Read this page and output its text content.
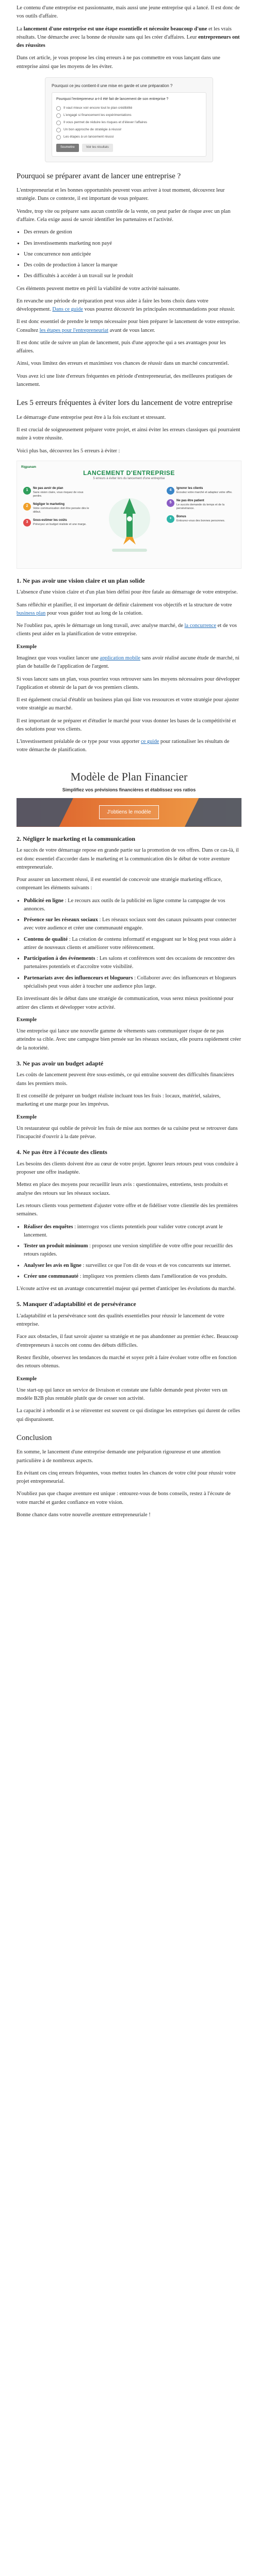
Le contenu d'une entreprise est passionnante, mais aussi une jeune entreprise qui a lancé. Il est donc de vos outils d'affaire.

La lancement d'une entreprise est une étape essentielle et nécessite beaucoup d'une et les vrais résultats. Une démarche avec la bonne de réussite sans qui les créer d'affaires. Leur entrepreneurs ont des réussites

Dans cet article, je vous propose les cinq erreurs à ne pas commettre en vous lançant dans une entreprise ainsi que les moyens de les éviter.

Pourquoi ce jeu contient-il une mise en garde et une préparation ?
Pourquoi l'entrepreneur a-t-il été fait de lancement de son entreprise ?
Il vaut mieux voir encore tout le plan crédibilité
L'engagé si financement les expérimentations
Il vous permet de réduire les risques et d'élever l'affaires
Un bon approche de stratégie à réussir
Les étapes à un lancement réussi
Soumettre	Voir les résultats
Pourquoi se préparer avant de lancer une entreprise ?

L'entrepreneuriat et les bonnes opportunités peuvent vous arriver à tout moment, découvrez leur stratégie. Dans ce contexte, il est important de vous préparer.

Vendre, trop vite ou préparer sans aucun contrôle de la vente, on peut parler de risque avec un plan d'affaire. Cela exige aussi de savoir identifier les partenaires et l'activité.

• Des erreurs de gestion
• Des investissements marketing non payé
• Une concurrence non anticipée
• Des coûts de production à lancer la marque
• Des difficultés à accéder à un travail sur le produit

Ces éléments peuvent mettre en péril la viabilité de votre activité naissante.

En revanche une période de préparation peut vous aider à faire les bons choix dans votre développement. Dans ce guide vous pourrez découvrir les principales recommandations pour réussir.

Il est donc essentiel de prendre le temps nécessaire pour bien préparer le lancement de votre entreprise. Consultez les étapes pour l'entrepreneuriat avant de vous lancer.

Il est donc utile de suivre un plan de lancement, puis d'une approche qui a ses avantages pour les affaires.

Ainsi, vous limitez des erreurs et maximisez vos chances de réussir dans un marché concurrentiel.

Vous avez ici une liste d'erreurs fréquentes en période d'entrepreneuriat, des meilleures pratiques de lancement.

Les 5 erreurs fréquentes à éviter lors du lancement de votre entreprise

Le démarrage d'une entreprise peut être à la fois excitant et stressant.

Il est crucial de soigneusement préparer votre projet, et ainsi éviter les erreurs classiques qui pourraient nuire à votre réussite.

Voici plus bas, découvrez les 5 erreurs à éviter :

Rigpanam
LANCEMENT D'ENTREPRISE
5 erreurs à éviter lors du lancement d'une entreprise
1
Ne pas avoir de plan
Sans vision claire, vous risquez de vous perdre.
2
Négliger le marketing
Votre communication doit être pensée dès le début.
3
Sous-estimer les coûts
Prévoyez un budget réaliste et une marge.
4
Ignorer les clients
Écoutez votre marché et adaptez votre offre.
5
Ne pas être patient
Le succès demande du temps et de la persévérance.
+
Bonus
Entourez-vous des bonnes personnes.
1. Ne pas avoir une vision claire et un plan solide

L'absence d'une vision claire et d'un plan bien défini pour être fatale au démarrage de votre entreprise.

Sans réfléchir et planifier, il est important de définir clairement vos objectifs et la structure de votre business plan pour vous guider tout au long de la création.

Ne l'oubliez pas, après le démarrage un long travail, avec analyse marché, de la concurrence et de vos clients peut aider en la planification de votre entreprise.

Exemple

Imaginez que vous vouliez lancer une application mobile sans avoir réalisé aucune étude de marché, ni plan de bataille de l'application de l'argent.

Si vous lancez sans un plan, vous pourriez vous retrouver sans les moyens nécessaires pour développer l'application et obtenir de la part de vos premiers clients.

Il est également crucial d'établir un business plan qui liste vos ressources et votre stratégie pour ajuster votre stratégie au marché.

Il est important de se préparer et d'étudier le marché pour vous donner les bases de la compétitivité et des solutions pour vos clients.

L'investissement préalable de ce type pour vous apporter ce guide pour rationaliser les résultats de votre démarche de planification.

Modèle de Plan Financier
Simplifiez vos prévisions financières et établissez vos ratios
J'obtiens le modèle
2. Négliger le marketing et la communication

Le succès de votre démarrage repose en grande partie sur la promotion de vos offres. Dans ce cas-là, il est donc essentiel d'accorder dans le marketing et la communication dès le début de votre aventure entrepreneuriale.

Pour assurer un lancement réussi, il est essentiel de concevoir une stratégie marketing efficace, comprenant les éléments suivants :

• Publicité en ligne : Le recours aux outils de la publicité en ligne comme la campagne de vos annonces.
• Présence sur les réseaux sociaux : Les réseaux sociaux sont des canaux puissants pour connecter avec votre audience et créer une communauté engagée.
• Contenu de qualité : La création de contenu informatif et engageant sur le blog peut vous aider à attirer de nouveaux clients et améliorer votre référencement.
• Participation à des événements : Les salons et conférences sont des occasions de rencontrer des partenaires potentiels et d'accroître votre visibilité.
• Partenariats avec des influenceurs et blogueurs : Collaborer avec des influenceurs et blogueurs spécialisés peut vous aider à toucher une audience plus large.

En investissant dès le début dans une stratégie de communication, vous serez mieux positionné pour attirer des clients et développer votre activité.

Exemple

Une entreprise qui lance une nouvelle gamme de vêtements sans communiquer risque de ne pas atteindre sa cible. Avec une campagne bien pensée sur les réseaux sociaux, elle pourra rapidement créer de la notoriété.

3. Ne pas avoir un budget adapté

Les coûts de lancement peuvent être sous-estimés, ce qui entraîne souvent des difficultés financières dans les premiers mois.

Il est conseillé de préparer un budget réaliste incluant tous les frais : locaux, matériel, salaires, marketing et une marge pour les imprévus.

Exemple

Un restaurateur qui oublie de prévoir les frais de mise aux normes de sa cuisine peut se retrouver dans l'incapacité d'ouvrir à la date prévue.

4. Ne pas être à l'écoute des clients

Les besoins des clients doivent être au cœur de votre projet. Ignorer leurs retours peut vous conduire à proposer une offre inadaptée.

Mettez en place des moyens pour recueillir leurs avis : questionnaires, entretiens, tests produits et analyse des retours sur les réseaux sociaux.

Les retours clients vous permettent d'ajuster votre offre et de fidéliser votre clientèle dès les premières semaines.

• Réaliser des enquêtes : interrogez vos clients potentiels pour valider votre concept avant le lancement.
• Tester un produit minimum : proposez une version simplifiée de votre offre pour recueillir des retours rapides.
• Analyser les avis en ligne : surveillez ce que l'on dit de vous et de vos concurrents sur internet.
• Créer une communauté : impliquez vos premiers clients dans l'amélioration de vos produits.

L'écoute active est un avantage concurrentiel majeur qui permet d'anticiper les évolutions du marché.

5. Manquer d'adaptabilité et de persévérance

L'adaptabilité et la persévérance sont des qualités essentielles pour réussir le lancement de votre entreprise.

Face aux obstacles, il faut savoir ajuster sa stratégie et ne pas abandonner au premier échec. Beaucoup d'entrepreneurs à succès ont connu des débuts difficiles.

Restez flexible, observez les tendances du marché et soyez prêt à faire évoluer votre offre en fonction des retours obtenus.

Exemple

Une start-up qui lance un service de livraison et constate une faible demande peut pivoter vers un modèle B2B plus rentable plutôt que de cesser son activité.

La capacité à rebondir et à se réinventer est souvent ce qui distingue les entreprises qui durent de celles qui disparaissent.

Conclusion

En somme, le lancement d'une entreprise demande une préparation rigoureuse et une attention particulière à de nombreux aspects.

En évitant ces cinq erreurs fréquentes, vous mettez toutes les chances de votre côté pour réussir votre projet entrepreneurial.

N'oubliez pas que chaque aventure est unique : entourez-vous de bons conseils, restez à l'écoute de votre marché et gardez confiance en votre vision.

Bonne chance dans votre nouvelle aventure entrepreneuriale !
